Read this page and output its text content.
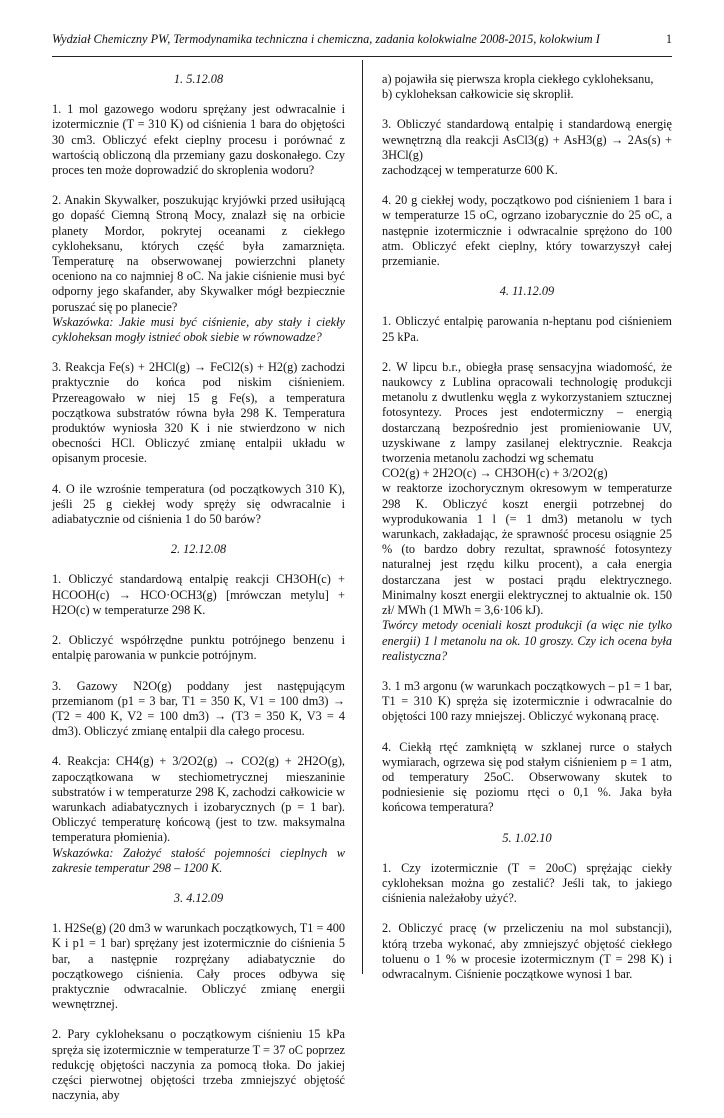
Wydział Chemiczny PW, Termodynamika techniczna i chemiczna, zadania kolokwialne 2008-2015, kolokwium I	1
1. 5.12.08
1. 1 mol gazowego wodoru sprężany jest odwracalnie i izotermicznie (T = 310 K) od ciśnienia 1 bara do objętości 30 cm3. Obliczyć efekt cieplny procesu i porównać z wartością obliczoną dla przemiany gazu doskonałego. Czy proces ten może doprowadzić do skroplenia wodoru?
2. Anakin Skywalker, poszukując kryjówki przed usiłującą go dopaść Ciemną Stroną Mocy, znalazł się na orbicie planety Mordor, pokrytej oceanami z ciekłego cykloheksanu, których część była zamarznięta. Temperaturę na obserwowanej powierzchni planety oceniono na co najmniej 8 oC. Na jakie ciśnienie musi być odporny jego skafander, aby Skywalker mógł bezpiecznie poruszać się po planecie?
Wskazówka: Jakie musi być ciśnienie, aby stały i ciekły cykloheksan mogły istnieć obok siebie w równowadze?
3. Reakcja Fe(s) + 2HCl(g) → FeCl2(s) + H2(g) zachodzi praktycznie do końca pod niskim ciśnieniem. Przereagowało w niej 15 g Fe(s), a temperatura początkowa substratów równa była 298 K. Temperatura produktów wyniosła 320 K i nie stwierdzono w nich obecności HCl. Obliczyć zmianę entalpii układu w opisanym procesie.
4. O ile wzrośnie temperatura (od początkowych 310 K), jeśli 25 g ciekłej wody spręży się odwracalnie i adiabatycznie od ciśnienia 1 do 50 barów?
2. 12.12.08
1. Obliczyć standardową entalpię reakcji CH3OH(c) + HCOOH(c) → HCO·OCH3(g) [mrówczan metylu] + H2O(c) w temperaturze 298 K.
2. Obliczyć współrzędne punktu potrójnego benzenu i entalpię parowania w punkcie potrójnym.
3. Gazowy N2O(g) poddany jest następującym przemianom (p1 = 3 bar, T1 = 350 K, V1 = 100 dm3) → (T2 = 400 K, V2 = 100 dm3) → (T3 = 350 K, V3 = 4 dm3). Obliczyć zmianę entalpii dla całego procesu.
4. Reakcja: CH4(g) + 3/2O2(g) → CO2(g) + 2H2O(g), zapoczątkowana w stechiometrycznej mieszaninie substratów i w temperaturze 298 K, zachodzi całkowicie w warunkach adiabatycznych i izobarycznych (p = 1 bar). Obliczyć temperaturę końcową (jest to tzw. maksymalna temperatura płomienia).
Wskazówka: Założyć stałość pojemności cieplnych w zakresie temperatur 298 – 1200 K.
3. 4.12.09
1. H2Se(g) (20 dm3 w warunkach początkowych, T1 = 400 K i p1 = 1 bar) sprężany jest izotermicznie do ciśnienia 5 bar, a następnie rozprężany adiabatycznie do początkowego ciśnienia. Cały proces odbywa się praktycznie odwracalnie. Obliczyć zmianę energii wewnętrznej.
2. Pary cykloheksanu o początkowym ciśnieniu 15 kPa spręża się izotermicznie w temperaturze T = 37 oC poprzez redukcję objętości naczynia za pomocą tłoka. Do jakiej części pierwotnej objętości trzeba zmniejszyć objętość naczynia, aby
a) pojawiła się pierwsza kropla ciekłego cykloheksanu,
b) cykloheksan całkowicie się skroplił.
3. Obliczyć standardową entalpię i standardową energię wewnętrzną dla reakcji AsCl3(g) + AsH3(g) → 2As(s) + 3HCl(g)
zachodzącej w temperaturze 600 K.
4. 20 g ciekłej wody, początkowo pod ciśnieniem 1 bara i w temperaturze 15 oC, ogrzano izobarycznie do 25 oC, a następnie izotermicznie i odwracalnie sprężono do 100 atm. Obliczyć efekt cieplny, który towarzyszył całej przemianie.
4. 11.12.09
1. Obliczyć entalpię parowania n-heptanu pod ciśnieniem 25 kPa.
2. W lipcu b.r., obiegła prasę sensacyjna wiadomość, że naukowcy z Lublina opracowali technologię produkcji metanolu z dwutlenku węgla z wykorzystaniem sztucznej fotosyntezy. Proces jest endotermiczny – energią dostarczaną bezpośrednio jest promieniowanie UV, uzyskiwane z lampy zasilanej elektrycznie. Reakcja tworzenia metanolu zachodzi wg schematu
CO2(g) + 2H2O(c) → CH3OH(c) + 3/2O2(g)
w reaktorze izochorycznym okresowym w temperaturze 298 K. Obliczyć koszt energii potrzebnej do wyprodukowania 1 l (= 1 dm3) metanolu w tych warunkach, zakładając, że sprawność procesu osiągnie 25 % (to bardzo dobry rezultat, sprawność fotosyntezy naturalnej jest rzędu kilku procent), a cała energia dostarczana jest w postaci prądu elektrycznego. Minimalny koszt energii elektrycznej to aktualnie ok. 150 zł/ MWh (1 MWh = 3,6·106 kJ).
Twórcy metody oceniali koszt produkcji (a więc nie tylko energii) 1 l metanolu na ok. 10 groszy. Czy ich ocena była realistyczna?
3. 1 m3 argonu (w warunkach początkowych – p1 = 1 bar, T1 = 310 K) spręża się izotermicznie i odwracalnie do objętości 100 razy mniejszej. Obliczyć wykonaną pracę.
4. Ciekłą rtęć zamkniętą w szklanej rurce o stałych wymiarach, ogrzewa się pod stałym ciśnieniem p = 1 atm, od temperatury 25oC. Obserwowany skutek to podniesienie się poziomu rtęci o 0,1 %. Jaka była końcowa temperatura?
5. 1.02.10
1. Czy izotermicznie (T = 20oC) sprężając ciekły cykloheksan można go zestalić? Jeśli tak, to jakiego ciśnienia należałoby użyć?.
2. Obliczyć pracę (w przeliczeniu na mol substancji), którą trzeba wykonać, aby zmniejszyć objętość ciekłego toluenu o 1 % w procesie izotermicznym (T = 298 K) i odwracalnym. Ciśnienie początkowe wynosi 1 bar.
